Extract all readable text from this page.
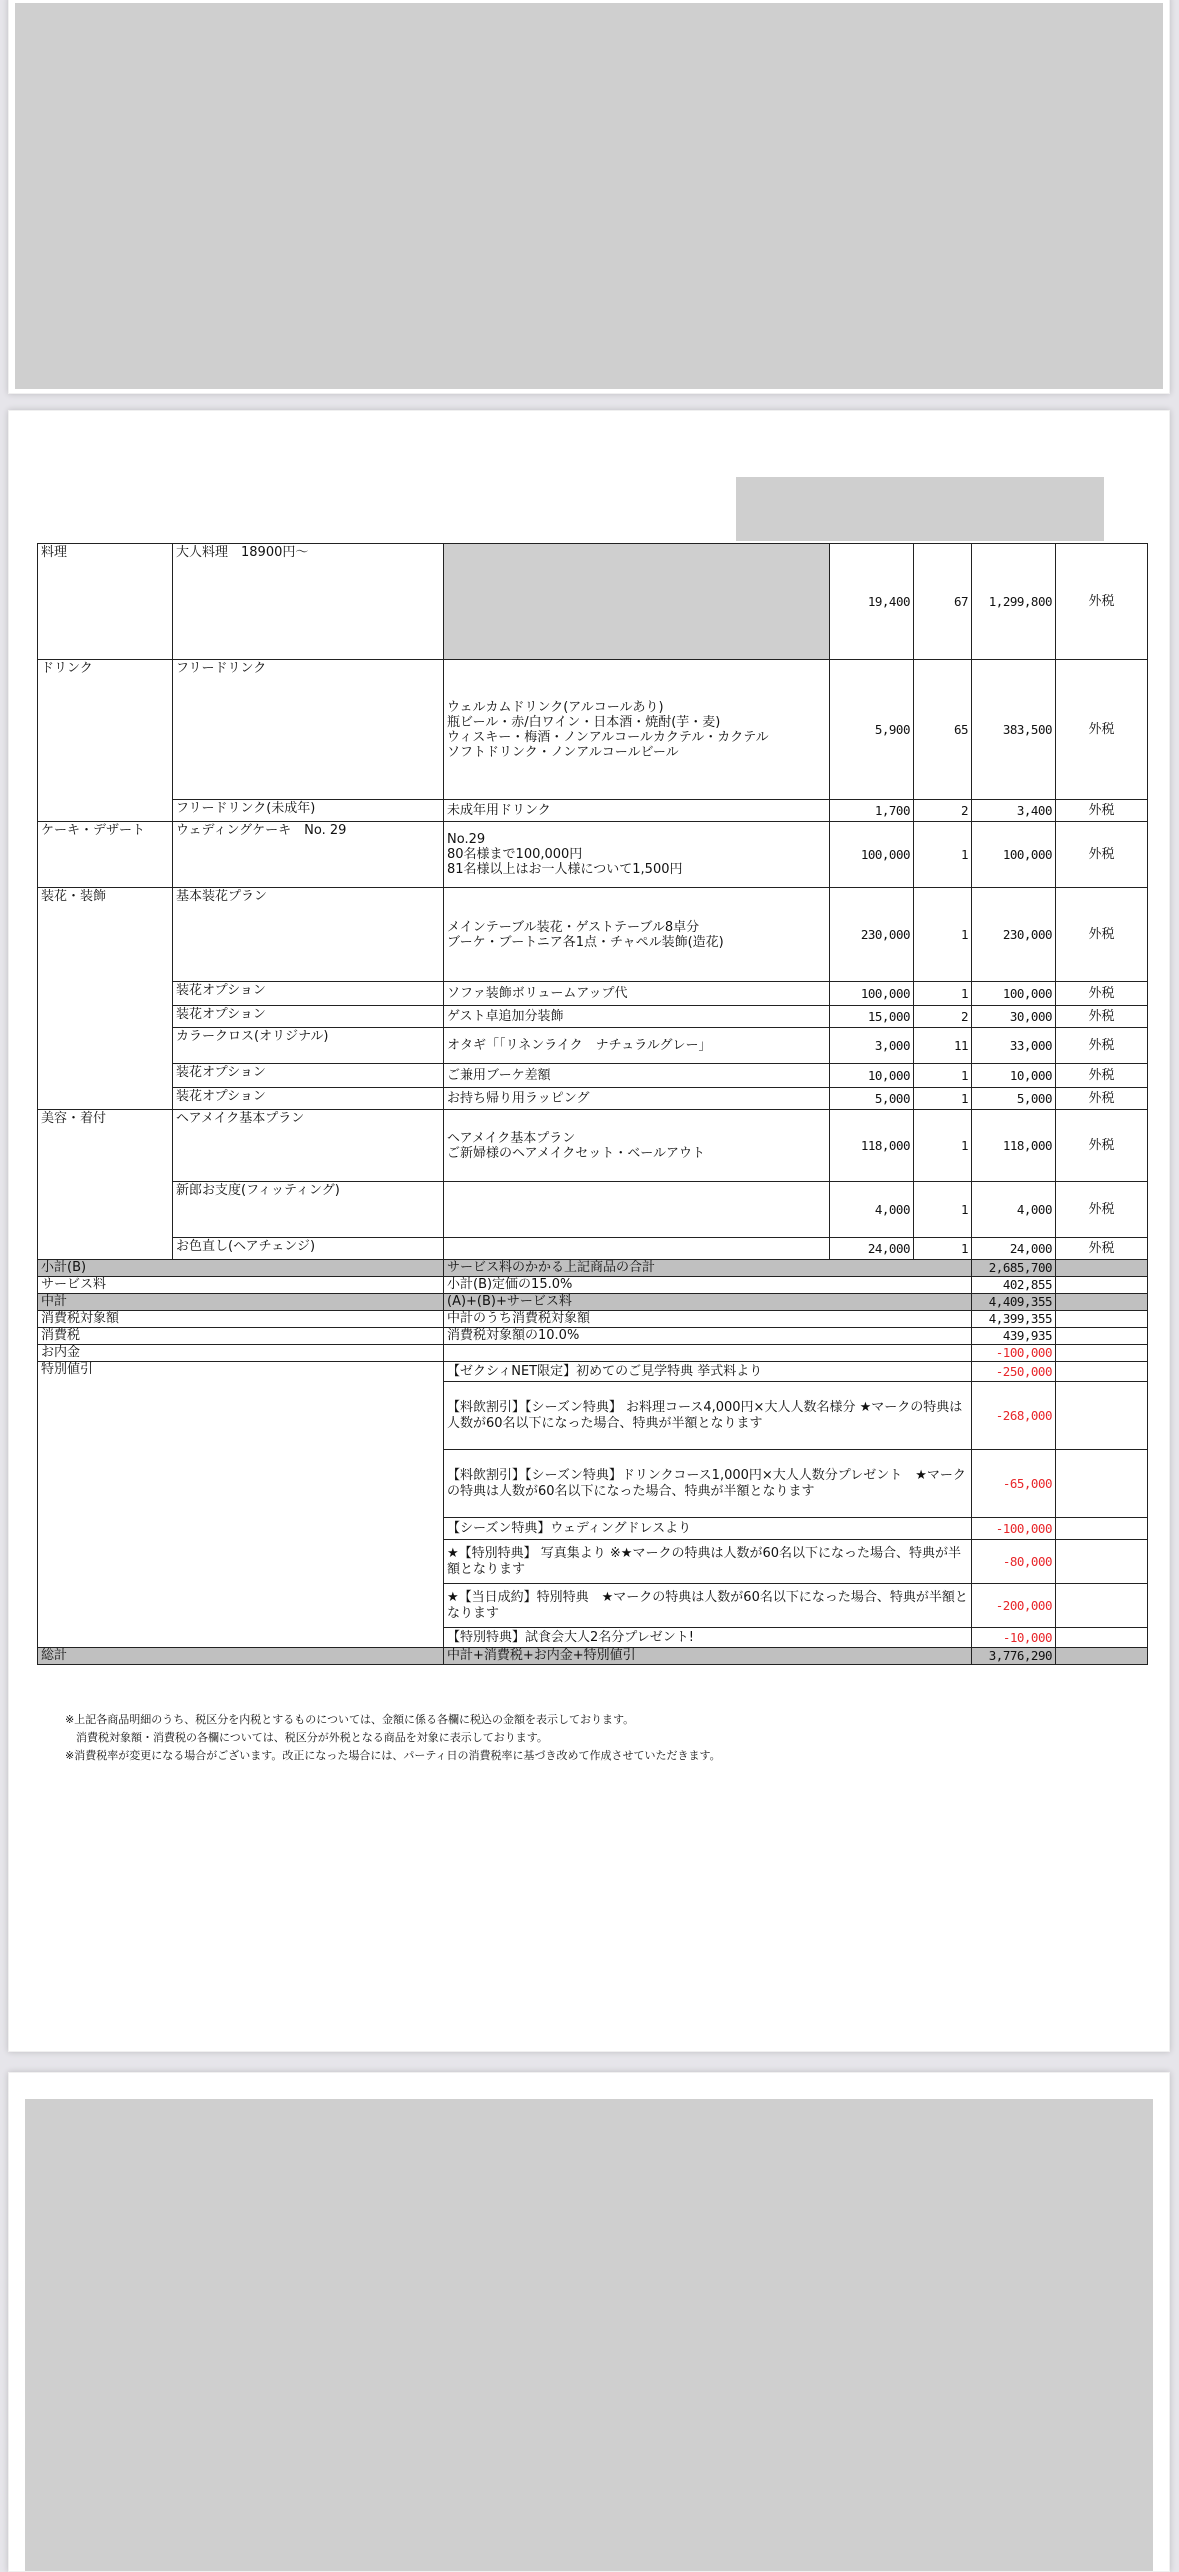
料理	大人料理　18900円～		19,400	67	1,299,800	外税
ドリンク	フリードリンク	ウェルカムドリンク(アルコールあり)
瓶ビール・赤/白ワイン・日本酒・焼酎(芋・麦)
ウィスキー・梅酒・ノンアルコールカクテル・カクテル
ソフトドリンク・ノンアルコールビール	5,900	65	383,500	外税
	フリードリンク(未成年)	未成年用ドリンク	1,700	2	3,400	外税
ケーキ・デザート	ウェディングケーキ　No. 29	No.29
80名様まで100,000円
81名様以上はお一人様について1,500円	100,000	1	100,000	外税
装花・装飾	基本装花プラン	メインテーブル装花・ゲストテーブル8卓分
ブーケ・ブートニア各1点・チャペル装飾(造花)	230,000	1	230,000	外税
	装花オプション	ソファ装飾ボリュームアップ代	100,000	1	100,000	外税
	装花オプション	ゲスト卓追加分装飾	15,000	2	30,000	外税
	カラークロス(オリジナル)	オタギ「「リネンライク　ナチュラルグレー」	3,000	11	33,000	外税
	装花オプション	ご兼用ブーケ差額	10,000	1	10,000	外税
	装花オプション	お持ち帰り用ラッピング	5,000	1	5,000	外税
美容・着付	ヘアメイク基本プラン	ヘアメイク基本プラン
ご新婦様のヘアメイクセット・ベールアウト	118,000	1	118,000	外税
	新郎お支度(フィッティング)		4,000	1	4,000	外税
	お色直し(ヘアチェンジ)		24,000	1	24,000	外税
小計(B)		サービス料のかかる上記商品の合計			2,685,700	
サービス料		小計(B)定価の15.0%			402,855	
中計		(A)+(B)+サービス料			4,409,355	
消費税対象額		中計のうち消費税対象額			4,399,355	
消費税		消費税対象額の10.0%			439,935	
お内金					-100,000	
特別値引		【ゼクシィNET限定】初めてのご見学特典 挙式料より			-250,000	
		【料飲割引】【シーズン特典】 お料理コース4,000円×大人人数名様分 ★マークの特典は人数が60名以下になった場合、特典が半額となります			-268,000	
		【料飲割引】【シーズン特典】ドリンクコース1,000円×大人人数分プレゼント　★マークの特典は人数が60名以下になった場合、特典が半額となります			-65,000	
		【シーズン特典】ウェディングドレスより			-100,000	
		★【特別特典】 写真集より ※★マークの特典は人数が60名以下になった場合、特典が半額となります			-80,000	
		★【当日成約】特別特典　★マークの特典は人数が60名以下になった場合、特典が半額となります			-200,000	
		【特別特典】試食会大人2名分プレゼント!			-10,000	
総計		中計+消費税+お内金+特別値引			3,776,290	
※上記各商品明細のうち、税区分を内税とするものについては、金額に係る各欄に税込の金額を表示しております。
　消費税対象額・消費税の各欄については、税区分が外税となる商品を対象に表示しております。
※消費税率が変更になる場合がございます。改正になった場合には、パーティ日の消費税率に基づき改めて作成させていただきます。
